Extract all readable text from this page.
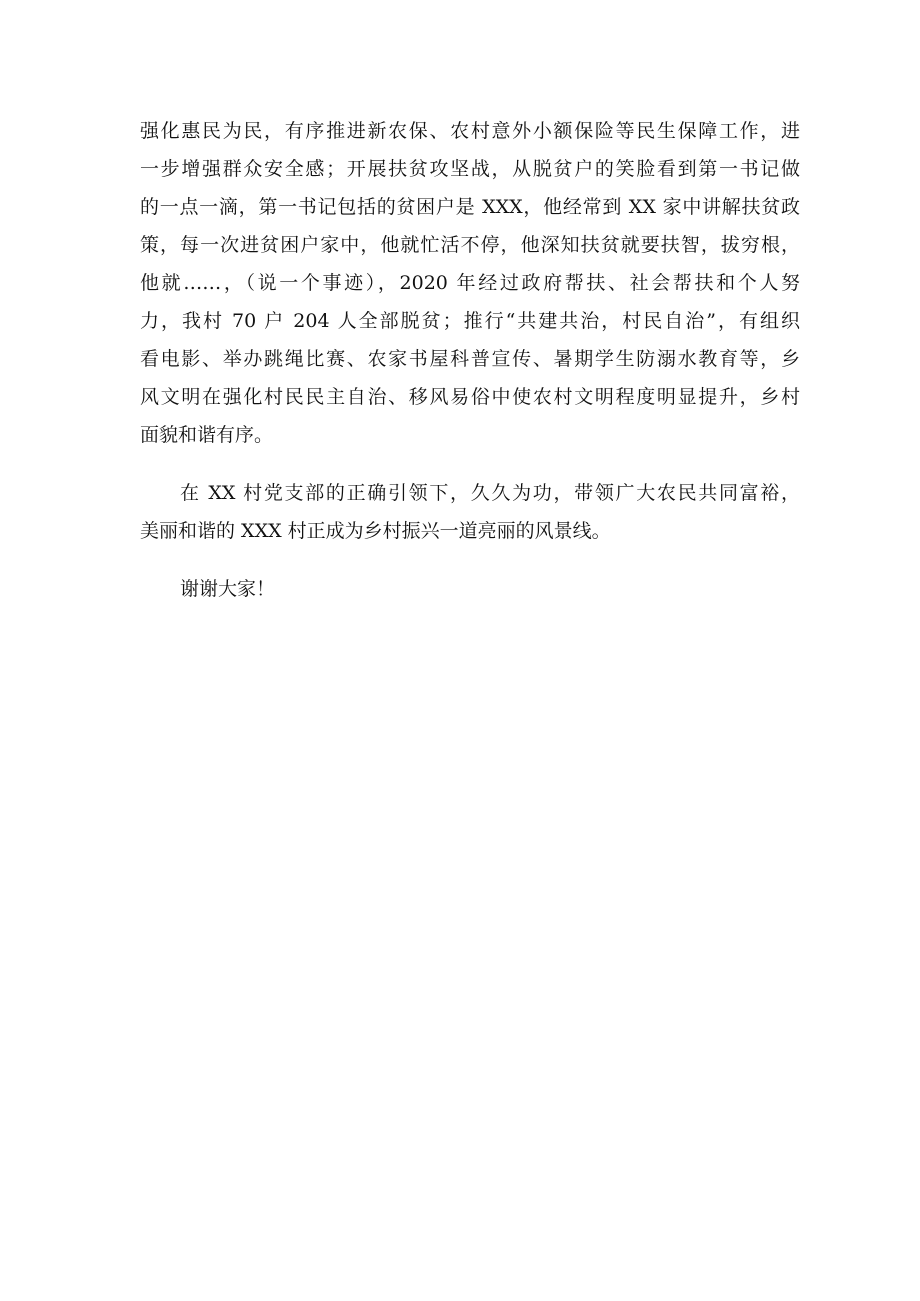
强化惠民为民，有序推进新农保、农村意外小额保险等民生保障工作，进
一步增强群众安全感；开展扶贫攻坚战，从脱贫户的笑脸看到第一书记做
的一点一滴，第一书记包括的贫困户是 XXX，他经常到 XX 家中讲解扶贫政
策，每一次进贫困户家中，他就忙活不停，他深知扶贫就要扶智，拔穷根，
他就……，（说一个事迹），2020 年经过政府帮扶、社会帮扶和个人努
力，我村 70 户 204 人全部脱贫；推行“共建共治，村民自治”，有组织
看电影、举办跳绳比赛、农家书屋科普宣传、暑期学生防溺水教育等，乡
风文明在强化村民民主自治、移风易俗中使农村文明程度明显提升，乡村
面貌和谐有序。
在 XX 村党支部的正确引领下，久久为功，带领广大农民共同富裕，
美丽和谐的 XXX 村正成为乡村振兴一道亮丽的风景线。
谢谢大家！
